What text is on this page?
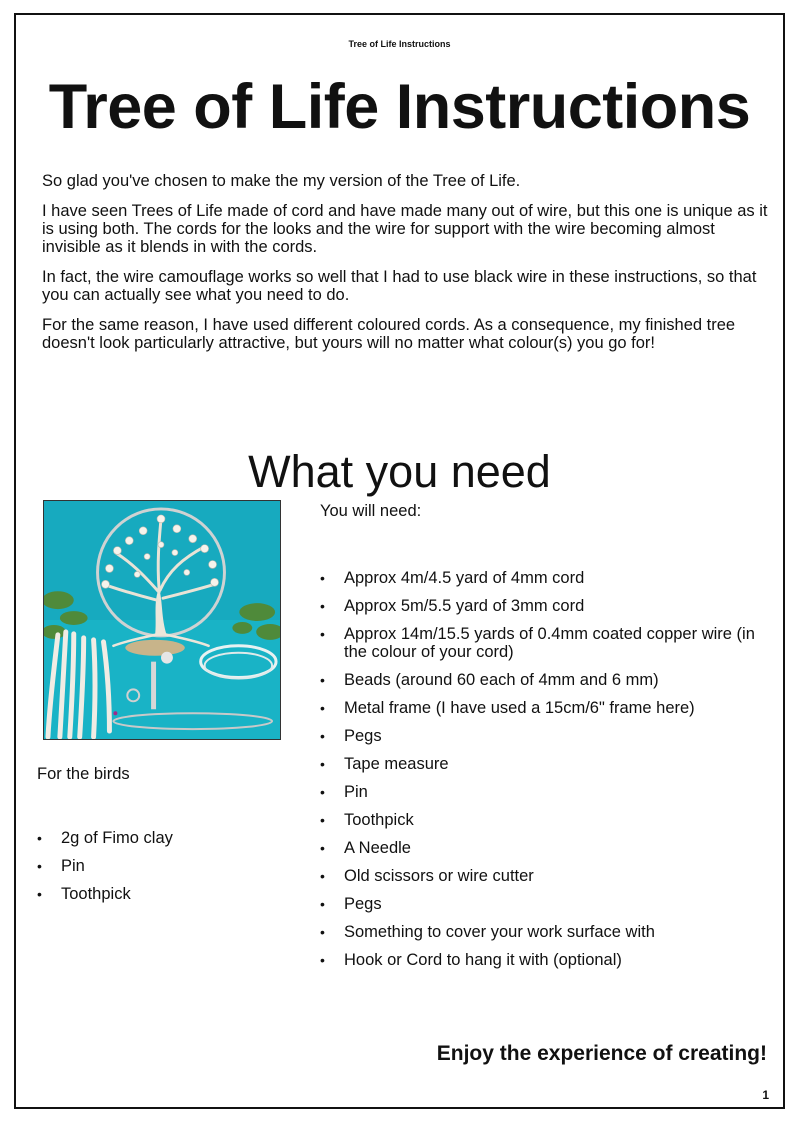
Tree of Life Instructions
Tree of Life Instructions

So glad you've chosen to make the my version of the Tree of Life.

I have seen Trees of Life made of cord and have made many out of wire, but this one is unique as it is using both. The cords for the looks and the wire for support with the wire becoming almost invisible as it blends in with the cords.

In fact, the wire camouflage works so well that I had to use black wire in these instructions, so that you can actually see what you need to do.

For the same reason, I have used different coloured cords. As a consequence, my finished tree doesn't look particularly attractive, but yours will no matter what colour(s) you go for!

What you need
For the birds
• 2g of Fimo clay
• Pin
• Toothpick
You will need:
• Approx 4m/4.5 yard of 4mm cord
• Approx 5m/5.5 yard of 3mm cord
• Approx 14m/15.5 yards of 0.4mm coated copper wire (in the colour of your cord)
• Beads (around 60 each of 4mm and 6 mm)
• Metal frame (I have used a 15cm/6" frame here)
• Pegs
• Tape measure
• Pin
• Toothpick
• A Needle
• Old scissors or wire cutter
• Pegs
• Something to cover your work surface with
• Hook or Cord to hang it with (optional)
Enjoy the experience of creating!
1
